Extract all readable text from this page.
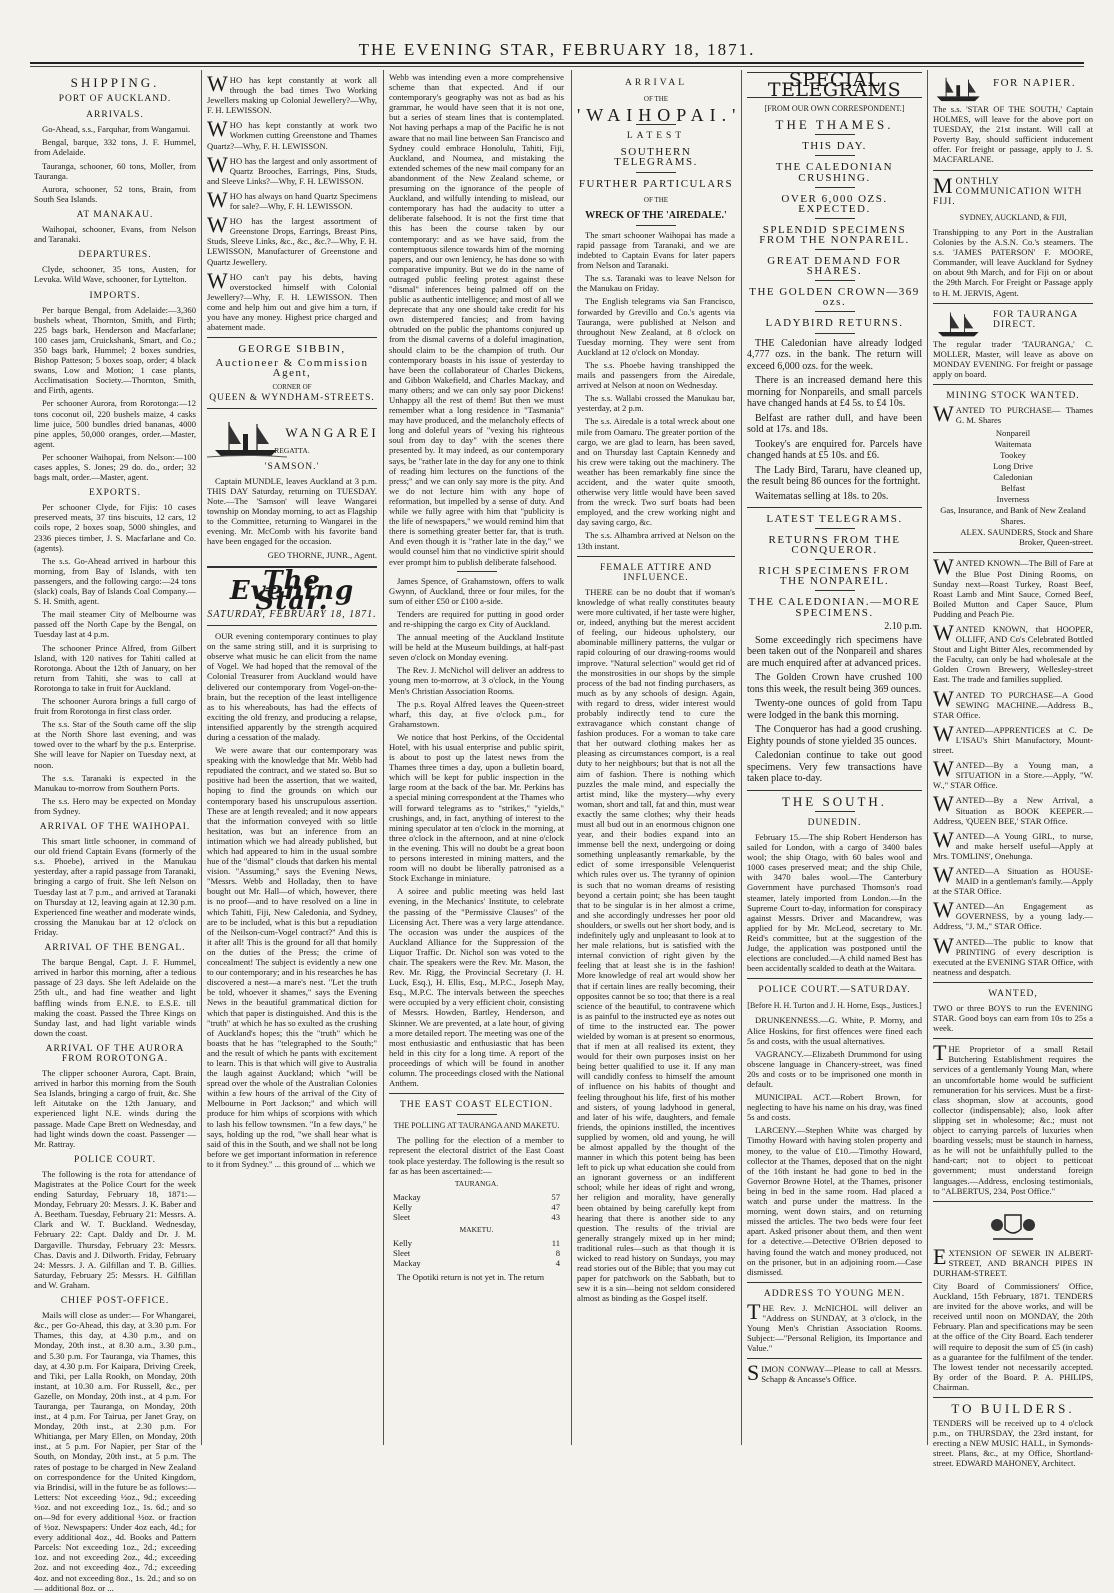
THE EVENING STAR, FEBRUARY 18, 1871.
SHIPPING.
PORT OF AUCKLAND.
ARRIVALS.

Go-Ahead, s.s., Farquhar, from Wangamui.

Bengal, barque, 332 tons, J. F. Hummel, from Adelaide.

Tauranga, schooner, 60 tons, Moller, from Tauranga.

Aurora, schooner, 52 tons, Brain, from South Sea Islands.

AT MANAKAU.

Waihopai, schooner, Evans, from Nelson and Taranaki.

DEPARTURES.

Clyde, schooner, 35 tons, Austen, for Levuka. Wild Wave, schooner, for Lyttelton.

IMPORTS.

Per barque Bengal, from Adelaide:—3,360 bushels wheat, Thornton, Smith, and Firth; 225 bags bark, Henderson and Macfarlane; 100 cases jam, Cruickshank, Smart, and Co.; 350 bags bark, Hummel; 2 boxes sundries, Bishop Patteson; 5 boxes soap, order; 4 black swans, Low and Motion; 1 case plants, Acclimatisation Society.—Thornton, Smith, and Firth, agents.

Per schooner Aurora, from Rorotonga:—12 tons coconut oil, 220 bushels maize, 4 casks lime juice, 500 bundles dried bananas, 4000 pine apples, 50,000 oranges, order.—Master, agent.

Per schooner Waihopai, from Nelson:—100 cases apples, S. Jones; 29 do. do., order; 32 bags malt, order.—Master, agent.

EXPORTS.

Per schooner Clyde, for Fijis: 10 cases preserved meats, 37 tins biscuits, 12 cars, 12 coils rope, 2 boxes soap, 5000 shingles, and 2336 pieces timber, J. S. Macfarlane and Co. (agents).

The s.s. Go-Ahead arrived in harbour this morning, from Bay of Islands, with ten passengers, and the following cargo:—24 tons (slack) coals, Bay of Islands Coal Company.—S. H. Smith, agent.

The mail steamer City of Melbourne was passed off the North Cape by the Bengal, on Tuesday last at 4 p.m.

The schooner Prince Alfred, from Gilbert Island, with 120 natives for Tahiti called at Rorotonga. About the 12th of January, on her return from Tahiti, she was to call at Rorotonga to take in fruit for Auckland.

The schooner Aurora brings a full cargo of fruit from Rorotonga in first class order.

The s.s. Star of the South came off the slip at the North Shore last evening, and was towed over to the wharf by the p.s. Enterprise. She will leave for Napier on Tuesday next, at noon.

The s.s. Taranaki is expected in the Manukau to-morrow from Southern Ports.

The s.s. Hero may be expected on Monday from Sydney.

ARRIVAL OF THE WAIHOPAI.

This smart little schooner, in command of our old friend Captain Evans (formerly of the s.s. Phoebe), arrived in the Manukau yesterday, after a rapid passage from Taranaki, bringing a cargo of fruit. She left Nelson on Tuesday last at 7 p.m., and arrived at Taranaki on Thursday at 12, leaving again at 12.30 p.m. Experienced fine weather and moderate winds, crossing the Manukau bar at 12 o'clock on Friday.

ARRIVAL OF THE BENGAL.

The barque Bengal, Capt. J. F. Hummel, arrived in harbor this morning, after a tedious passage of 23 days. She left Adelaide on the 25th ult., and had fine weather and light baffling winds from E.N.E. to E.S.E. till making the coast. Passed the Three Kings on Sunday last, and had light variable winds down the coast.

ARRIVAL OF THE AURORA FROM ROROTONGA.

The clipper schooner Aurora, Capt. Brain, arrived in harbor this morning from the South Sea Islands, bringing a cargo of fruit, &c. She left Aitutake on the 12th January, and experienced light N.E. winds during the passage. Made Cape Brett on Wednesday, and had light winds down the coast. Passenger — Mr. Rattray.

POLICE COURT.

The following is the rota for attendance of Magistrates at the Police Court for the week ending Saturday, February 18, 1871:— Monday, February 20: Messrs. J. K. Baber and A. Beetham. Tuesday, February 21: Messrs. A. Clark and W. T. Buckland. Wednesday, February 22: Capt. Daldy and Dr. J. M. Dargaville. Thursday, February 23: Messrs. Chas. Davis and J. Dilworth. Friday, February 24: Messrs. J. A. Gilfillan and T. B. Gillies. Saturday, February 25: Messrs. H. Gilfillan and W. Graham.

CHIEF POST-OFFICE.

Mails will close as under:— For Whangarei, &c., per Go-Ahead, this day, at 3.30 p.m. For Thames, this day, at 4.30 p.m., and on Monday, 20th inst., at 8.30 a.m., 3.30 p.m., and 5.30 p.m. For Tauranga, via Thames, this day, at 4.30 p.m. For Kaipara, Driving Creek, and Tiki, per Lalla Rookh, on Monday, 20th instant, at 10.30 a.m. For Russell, &c., per Gazelle, on Monday, 20th inst., at 4 p.m. For Tauranga, per Tauranga, on Monday, 20th inst., at 4 p.m. For Tairua, per Janet Gray, on Monday, 20th inst., at 2.30 p.m. For Whitianga, per Mary Ellen, on Monday, 20th inst., at 5 p.m. For Napier, per Star of the South, on Monday, 20th inst., at 5 p.m. The rates of postage to be charged in New Zealand on correspondence for the United Kingdom, via Brindisi, will in the future be as follows:—Letters: Not exceeding ½oz., 9d.; exceeding ½oz. and not exceeding 1oz., 1s. 6d.; and so on—9d for every additional ½oz. or fraction of ½oz. Newspapers: Under 4oz each, 4d.; for every additional 4oz., 4d. Books and Pattern Parcels: Not exceeding 1oz., 2d.; exceeding 1oz. and not exceeding 2oz., 4d.; exceeding 2oz. and not exceeding 4oz., 7d.; exceeding 4oz. and not exceeding 8oz., 1s. 2d.; and so on — additional 8oz. or ...

WHO has kept constantly at work all through the bad times Two Working Jewellers making up Colonial Jewellery?—Why, F. H. LEWISSON.

WHO has kept constantly at work two Workmen cutting Greenstone and Thames Quartz?—Why, F. H. LEWISSON.

WHO has the largest and only assortment of Quartz Brooches, Earrings, Pins, Studs, and Sleeve Links?—Why, F. H. LEWISSON.

WHO has always on hand Quartz Specimens for sale?—Why, F. H. LEWISSON.

WHO has the largest assortment of Greenstone Drops, Earrings, Breast Pins, Studs, Sleeve Links, &c., &c., &c.?—Why, F. H. LEWISSON, Manufacturer of Greenstone and Quartz Jewellery.

WHO can't pay his debts, having overstocked himself with Colonial Jewellery?—Why, F. H. LEWISSON. Then come and help him out and give him a turn, if you have any money. Highest price charged and abatement made.

GEORGE SIBBIN,
Auctioneer & Commission Agent,
CORNER OF
QUEEN & WYNDHAM-STREETS.
WANGAREI
REGATTA.
'SAMSON.'

Captain MUNDLE, leaves Auckland at 3 p.m. THIS DAY Saturday, returning on TUESDAY. Note.—The 'Samson' will leave Wangarei township on Monday morning, to act as Flagship to the Committee, returning to Wangarei in the evening. Mr. McComb with his favorite band have been engaged for the occasion.

GEO THORNE, JUNR., Agent.

The Evening Star.
SATURDAY, FEBRUARY 18, 1871.

OUR evening contemporary continues to play on the same string still, and it is surprising to observe what music he can elicit from the name of Vogel. We had hoped that the removal of the Colonial Treasurer from Auckland would have delivered our contemporary from Vogel-on-the-brain, but the reception of the least intelligence as to his whereabouts, has had the effects of exciting the old frenzy, and producing a relapse, intensified apparently by the strength acquired during a cessation of the malady.

We were aware that our contemporary was speaking with the knowledge that Mr. Webb had repudiated the contract, and we stated so. But so positive had been the assertion, that we waited, hoping to find the grounds on which our contemporary based his unscrupulous assertion. These are at length revealed; and it now appears that the information conveyed with so little hesitation, was but an inference from an intimation which we had already published, but which had appeared to him in the usual sombre hue of the "dismal" clouds that darken his mental vision. "Assuming," says the Evening News, "Messrs. Webb and Holladay, then to have bought out Mr. Hall—of which, however, there is no proof—and to have resolved on a line in which Tahiti, Fiji, New Caledonia, and Sydney, are to be included, what is this but a repudiation of the Neilson-cum-Vogel contract?" And this is it after all! This is the ground for all that homily on the duties of the Press; the crime of concealment! The subject is evidently a new one to our contemporary; and in his researches he has discovered a nest—a mare's nest. "Let the truth be told, whoever it shames," says the Evening News in the beautiful grammatical diction for which that paper is distinguished. And this is the "truth" at which he has so exulted as the crushing of Auckland's hopes; this the "truth" which he boasts that he has "telegraphed to the South;" and the result of which he pants with excitement to learn. This is that which will give to Australia the laugh against Auckland; which "will be spread over the whole of the Australian Colonies within a few hours of the arrival of the City of Melbourne in Port Jackson;" and which will produce for him whips of scorpions with which to lash his fellow townsmen. "In a few days," he says, holding up the rod, "we shall hear what is said of this in the South, and we shall not be long before we get important information in reference to it from Sydney." ... this ground of ... which we

Webb was intending even a more comprehensive scheme than that expected. And if our contemporary's geography was not as bad as his grammar, he would have seen that it is not one, but a series of steam lines that is contemplated. Not having perhaps a map of the Pacific he is not aware that no mail line between San Francisco and Sydney could embrace Honolulu, Tahiti, Fiji, Auckland, and Noumea, and mistaking the extended schemes of the new mail company for an abandonment of the New Zealand scheme, or presuming on the ignorance of the people of Auckland, and wilfully intending to mislead, our contemporary has had the audacity to utter a deliberate falsehood. It is not the first time that this has been the course taken by our contemporary: and as we have said, from the contemptuous silence towards him of the morning papers, and our own leniency, he has done so with comparative impunity. But we do in the name of outraged public feeling protest against these "dismal" inferences being palmed off on the public as authentic intelligence; and most of all we deprecate that any one should take credit for his own distempered fancies; and from having obtruded on the public the phantoms conjured up from the dismal caverns of a doleful imagination, should claim to be the champion of truth. Our contemporary boasts in his issue of yesterday to have been the collaborateur of Charles Dickens, and Gibbon Wakefield, and Charles Mackay, and many others; and we can only say poor Dickens! Unhappy all the rest of them! But then we must remember what a long residence in "Tasmania" may have produced, and the melancholy effects of long and doleful years of "vexing his righteous soul from day to day" with the scenes there presented by. It may indeed, as our contemporary says, be "rather late in the day for any one to think of reading him lectures on the functions of the press;" and we can only say more is the pity. And we do not lecture him with any hope of reformation, but impelled by a sense of duty. And while we fully agree with him that "publicity is the life of newspapers," we would remind him that there is something greater better far, that is truth. And even though it is "rather late in the day," we would counsel him that no vindictive spirit should ever prompt him to publish deliberate falsehood.

James Spence, of Grahamstown, offers to walk Gwynn, of Auckland, three or four miles, for the sum of either £50 or £100 a-side.

Tenders are required for putting in good order and re-shipping the cargo ex City of Auckland.

The annual meeting of the Auckland Institute will be held at the Museum buildings, at half-past seven o'clock on Monday evening.

The Rev. J. McNichol will deliver an address to young men to-morrow, at 3 o'clock, in the Young Men's Christian Association Rooms.

The p.s. Royal Alfred leaves the Queen-street wharf, this day, at five o'clock p.m., for Grahamstown.

We notice that host Perkins, of the Occidental Hotel, with his usual enterprise and public spirit, is about to post up the latest news from the Thames three times a day, upon a bulletin board, which will be kept for public inspection in the large room at the back of the bar. Mr. Perkins has a special mining correspondent at the Thames who will forward telegrams as to "strikes," "yields," crushings, and, in fact, anything of interest to the mining speculator at ten o'clock in the morning, at three o'clock in the afternoon, and at nine o'clock in the evening. This will no doubt be a great boon to persons interested in mining matters, and the room will no doubt be liberally patronised as a Stock Exchange in miniature.

A soiree and public meeting was held last evening, in the Mechanics' Institute, to celebrate the passing of the "Permissive Clauses" of the Licensing Act. There was a very large attendance. The occasion was under the auspices of the Auckland Alliance for the Suppression of the Liquor Traffic. Dr. Nichol son was voted to the chair. The speakers were the Rev. Mr. Mason, the Rev. Mr. Rigg, the Provincial Secretary (J. H. Luck, Esq.), H. Ellis, Esq., M.P.C., Joseph May, Esq., M.P.C. The intervals between the speeches were occupied by a very efficient choir, consisting of Messrs. Howden, Bartley, Henderson, and Skinner. We are prevented, at a late hour, of giving a more detailed report. The meeting was one of the most enthusiastic and enthusiastic that has been held in this city for a long time. A report of the proceedings of which will be found in another column. The proceedings closed with the National Anthem.

THE EAST COAST ELECTION.
THE POLLING AT TAURANGA AND MAKETU.

The polling for the election of a member to represent the electoral district of the East Coast took place yesterday. The following is the result so far as has been ascertained:—

TAURANGA.
Mackay	57
Kelly	47
Sleet	43
MAKETU.
Kelly	11
Sleet	8
Mackay	4

The Opotiki return is not yet in. The return

ARRIVAL
OF THE
'WAIHOPAI.'
LATEST
SOUTHERN TELEGRAMS.
FURTHER PARTICULARS
OF THE
WRECK OF THE 'AIREDALE.'

The smart schooner Waihopai has made a rapid passage from Taranaki, and we are indebted to Captain Evans for later papers from Nelson and Taranaki.

The s.s. Taranaki was to leave Nelson for the Manukau on Friday.

The English telegrams via San Francisco, forwarded by Grevillo and Co.'s agents via Tauranga, were published at Nelson and throughout New Zealand, at 8 o'clock on Tuesday morning. They were sent from Auckland at 12 o'clock on Monday.

The s.s. Phoebe having transhipped the mails and passengers from the Airedale, arrived at Nelson at noon on Wednesday.

The s.s. Wallabi crossed the Manukau bar, yesterday, at 2 p.m.

The s.s. Airedale is a total wreck about one mile from Oamaru. The greater portion of the cargo, we are glad to learn, has been saved, and on Thursday last Captain Kennedy and his crew were taking out the machinery. The weather has been remarkably fine since the accident, and the water quite smooth, otherwise very little would have been saved from the wreck. Two surf boats had been employed, and the crew working night and day saving cargo, &c.

The s.s. Alhambra arrived at Nelson on the 13th instant.

FEMALE ATTIRE AND INFLUENCE.

THERE can be no doubt that if woman's knowledge of what really constitutes beauty were more cultivated, if her taste were higher, or, indeed, anything but the merest accident of feeling, our hideous upholstery, our abominable millinery patterns, the vulgar or rapid colouring of our drawing-rooms would improve. "Natural selection" would get rid of the monstrosities in our shops by the simple process of the bad not finding purchasers, as much as by any schools of design. Again, with regard to dress, wider interest would probably indirectly tend to cure the extravagance which constant change of fashion produces. For a woman to take care that her outward clothing makes her as pleasing as circumstances comport, is a real duty to her neighbours; but that is not all the aim of fashion. There is nothing which puzzles the male mind, and especially the artist mind, like the mystery—why every woman, short and tall, fat and thin, must wear exactly the same clothes; why their heads must all bud out in an enormous chignon one year, and their bodies expand into an immense bell the next, undergoing or doing something unpleasantly remarkable, by the edict of some irresponsible Velenquerist which rules over us. The tyranny of opinion is such that no woman dreams of resisting beyond a certain point; she has been taught that to be singular is in her almost a crime, and she accordingly undresses her poor old shoulders, or swells out her short body, and is indefinitely ugly and unpleasant to look at to her male relations, but is satisfied with the internal conviction of right given by the feeling that at least she is in the fashion! More knowledge of real art would show her that if certain lines are really becoming, their opposites cannot be so too; that there is a real science of the beautiful, to contravene which is as painful to the instructed eye as notes out of time to the instructed ear. The power wielded by woman is at present so enormous, that if men at all realised its extent, they would for their own purposes insist on her being better qualified to use it. If any man will candidly confess to himself the amount of influence on his habits of thought and feeling throughout his life, first of his mother and sisters, of young ladyhood in general, and later of his wife, daughters, and female friends, the opinions instilled, the incentives supplied by women, old and young, he will be almost appalled by the thought of the manner in which this potent being has been left to pick up what education she could from an ignorant governess or an indifferent school; while her ideas of right and wrong, her religion and morality, have generally been obtained by being carefully kept from hearing that there is another side to any question. The results of the trivial are generally strangely mixed up in her mind; traditional rules—such as that though it is wicked to read history on Sundays, you may read stories out of the Bible; that you may cut paper for patchwork on the Sabbath, but to sew it is a sin—being not seldom considered almost as binding as the Gospel itself.

SPECIAL TELEGRAMS
[FROM OUR OWN CORRESPONDENT.]
THE THAMES.
THIS DAY.
THE CALEDONIAN CRUSHING.
OVER 6,000 OZS. EXPECTED.
SPLENDID SPECIMENS FROM THE NONPAREIL.
GREAT DEMAND FOR SHARES.
THE GOLDEN CROWN—369 ozs.
LADYBIRD RETURNS.

THE Caledonian have already lodged 4,777 ozs. in the bank. The return will exceed 6,000 ozs. for the week.

There is an increased demand here this morning for Nonpareils, and small parcels have changed hands at £4 5s. to £4 10s.

Belfast are rather dull, and have been sold at 17s. and 18s.

Tookey's are enquired for. Parcels have changed hands at £5 10s. and £6.

The Lady Bird, Tararu, have cleaned up, the result being 86 ounces for the fortnight.

Waitematas selling at 18s. to 20s.

LATEST TELEGRAMS.
RETURNS FROM THE CONQUEROR.
RICH SPECIMENS FROM THE NONPAREIL.
THE CALEDONIAN.—MORE SPECIMENS.

2.10 p.m.

Some exceedingly rich specimens have been taken out of the Nonpareil and shares are much enquired after at advanced prices.

The Golden Crown have crushed 100 tons this week, the result being 369 ounces.

Twenty-one ounces of gold from Tapu were lodged in the bank this morning.

The Conqueror has had a good crushing. Eighty pounds of stone yielded 35 ounces.

Caledonian continue to take out good specimens. Very few transactions have taken place to-day.

THE SOUTH.
DUNEDIN.

February 15.—The ship Robert Henderson has sailed for London, with a cargo of 3400 bales wool; the ship Otago, with 60 bales wool and 1000 cases preserved meat; and the ship Chile, with 3470 bales wool.—The Canterbury Government have purchased Thomson's road steamer, lately imported from London.—In the Supreme Court to-day, information for conspiracy against Messrs. Driver and Macandrew, was applied for by Mr. McLeod, secretary to Mr. Reid's committee, but at the suggestion of the Judge, the application was postponed until the elections are concluded.—A child named Best has been accidentally scalded to death at the Waitara.

POLICE COURT.—SATURDAY.
[Before H. H. Turton and J. H. Horne, Esqs., Justices.]

DRUNKENNESS.—G. White, P. Morny, and Alice Hoskins, for first offences were fined each 5s and costs, with the usual alternatives.

VAGRANCY.—Elizabeth Drummond for using obscene language in Chancery-street, was fined 20s and costs or to be imprisoned one month in default.

MUNICIPAL ACT.—Robert Brown, for neglecting to have his name on his dray, was fined 5s and costs.

LARCENY.—Stephen White was charged by Timothy Howard with having stolen property and money, to the value of £10.—Timothy Howard, collector at the Thames, deposed that on the night of the 16th instant he had gone to bed in the Governor Browne Hotel, at the Thames, prisoner being in bed in the same room. Had placed a watch and purse under the mattress. In the morning, went down stairs, and on returning missed the articles. The two beds were four feet apart. Asked prisoner about them, and then went for a detective.—Detective O'Brien deposed to having found the watch and money produced, not on the prisoner, but in an adjoining room.—Case dismissed.

ADDRESS TO YOUNG MEN.

THE Rev. J. McNICHOL will deliver an "Address on SUNDAY, at 3 o'clock, in the Young Men's Christian Association Rooms. Subject:—"Personal Religion, its Importance and Value."

SIMON CONWAY—Please to call at Messrs. Schapp & Ancasse's Office.

FOR NAPIER.

The s.s. 'STAR OF THE SOUTH,' Captain HOLMES, will leave for the above port on TUESDAY, the 21st instant. Will call at Poverty Bay, should sufficient inducement offer. For freight or passage, apply to J. S. MACFARLANE.

MONTHLY COMMUNICATION WITH FIJI.
SYDNEY, AUCKLAND, & FIJI,

Transhipping to any Port in the Australian Colonies by the A.S.N. Co.'s steamers. The s.s. 'JAMES PATERSON' F. MOORE, Commander, will leave Auckland for Sydney on about 9th March, and for Fiji on or about the 29th March. For Freight or Passage apply to H. M. JERVIS, Agent.

FOR TAURANGA DIRECT.

The regular trader 'TAURANGA,' C. MOLLER, Master, will leave as above on MONDAY EVENING. For freight or passage apply on board.

MINING STOCK WANTED.

WANTED TO PURCHASE— Thames G. M. Shares

Nonpareil
Waitemata
Tookey
Long Drive
Caledonian
Belfast
Inverness
Gas, Insurance, and Bank of New Zealand Shares.

ALEX. SAUNDERS, Stock and Share Broker, Queen-street.

WANTED KNOWN—The Bill of Fare at the Blue Post Dining Rooms, on Sunday next—Roast Turkey, Roast Beef, Roast Lamb and Mint Sauce, Corned Beef, Boiled Mutton and Caper Sauce, Plum Pudding and Peach Pie.

WANTED KNOWN, that HOOPER, OLLIFF, AND Co's Celebrated Bottled Stout and Light Bitter Ales, recommended by the Faculty, can only be had wholesale at the Golden Crown Brewery, Wellesley-street East. The trade and families supplied.

WANTED TO PURCHASE—A Good SEWING MACHINE.—Address B., STAR Office.

WANTED—APPRENTICES at C. De L'ISAU's Shirt Manufactory, Mount-street.

WANTED—By a Young man, a SITUATION in a Store.—Apply, "W. W.," STAR Office.

WANTED—By a New Arrival, a Situation as BOOK KEEPER.—Address, 'QUEEN BEE,' STAR Office.

WANTED—A Young GIRL, to nurse, and make herself useful—Apply at Mrs. TOMLINS', Onehunga.

WANTED—A Situation as HOUSE-MAID in a gentleman's family.—Apply at the STAR Office.

WANTED—An Engagement as GOVERNESS, by a young lady.—Address, "J. M.," STAR Office.

WANTED—The public to know that PRINTING of every description is executed at the EVENING STAR Office, with neatness and despatch.

WANTED,

TWO or three BOYS to run the EVENING STAR. Good boys can earn from 10s to 25s a week.

THE Proprietor of a small Retail Butchering Establishment requires the services of a gentlemanly Young Man, where an uncomfortable home would be sufficient remuneration for his services. Must be a first-class shopman, slow at accounts, good collector (indispensable); also, look after slipping set in wholesome; &c.; must not object to carrying parcels of luxuries when boarding vessels; must be staunch in harness, as he will not be unfaithfully pulled to the hand-cart; not to object to petticoat government; must understand foreign languages.—Address, enclosing testimonials, to "ALBERTUS, 234, Post Office."

EXTENSION OF SEWER IN ALBERT-STREET, AND BRANCH PIPES IN DURHAM-STREET.

City Board of Commissioners' Office, Auckland, 15th February, 1871. TENDERS are invited for the above works, and will be received until noon on MONDAY, the 20th February. Plan and specifications may be seen at the office of the City Board. Each tenderer will require to deposit the sum of £5 (in cash) as a guarantee for the fulfilment of the tender. The lowest tender not necessarily accepted. By order of the Board. P. A. PHILIPS, Chairman.

TO BUILDERS.

TENDERS will be received up to 4 o'clock p.m., on THURSDAY, the 23rd instant, for erecting a NEW MUSIC HALL, in Symonds-street. Plans, &c., at my Office, Shortland-street. EDWARD MAHONEY, Architect.
